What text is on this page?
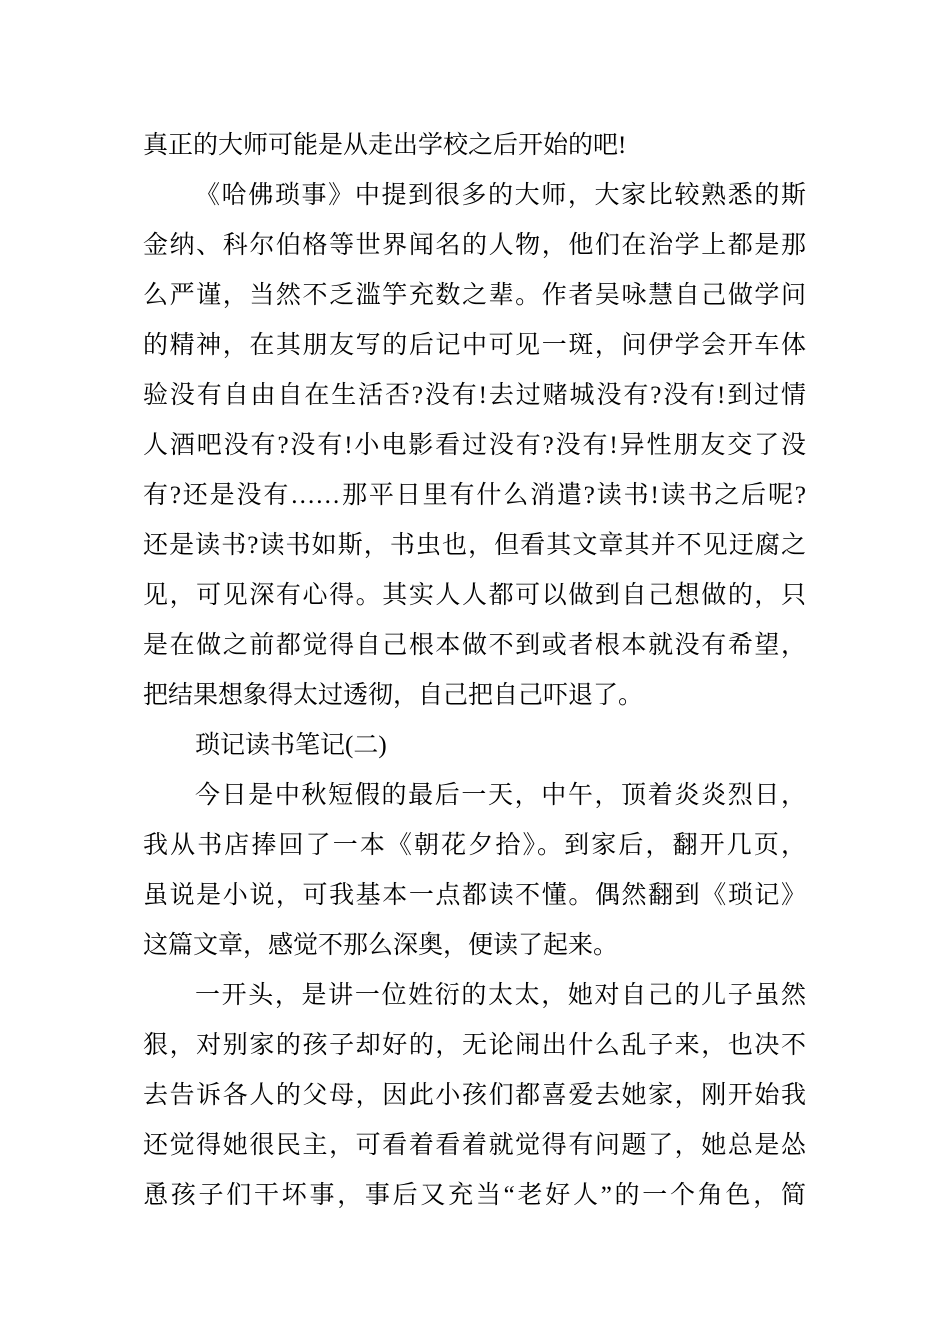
真正的大师可能是从走出学校之后开始的吧!
《哈佛琐事》中提到很多的大师，大家比较熟悉的斯
金纳、科尔伯格等世界闻名的人物，他们在治学上都是那
么严谨，当然不乏滥竽充数之辈。作者吴咏慧自己做学问
的精神，在其朋友写的后记中可见一斑，问伊学会开车体
验没有自由自在生活否?没有!去过赌城没有?没有!到过情
人酒吧没有?没有!小电影看过没有?没有!异性朋友交了没
有?还是没有……那平日里有什么消遣?读书!读书之后呢?
还是读书?读书如斯，书虫也，但看其文章其并不见迂腐之
见，可见深有心得。其实人人都可以做到自己想做的，只
是在做之前都觉得自己根本做不到或者根本就没有希望，
把结果想象得太过透彻，自己把自己吓退了。
琐记读书笔记(二)
今日是中秋短假的最后一天，中午，顶着炎炎烈日，
我从书店捧回了一本《朝花夕拾》。到家后，翻开几页，
虽说是小说，可我基本一点都读不懂。偶然翻到《琐记》
这篇文章，感觉不那么深奥，便读了起来。
一开头，是讲一位姓衍的太太，她对自己的儿子虽然
狠，对别家的孩子却好的，无论闹出什么乱子来，也决不
去告诉各人的父母，因此小孩们都喜爱去她家，刚开始我
还觉得她很民主，可看着看着就觉得有问题了，她总是怂
恿孩子们干坏事，事后又充当“老好人”的一个角色，简
